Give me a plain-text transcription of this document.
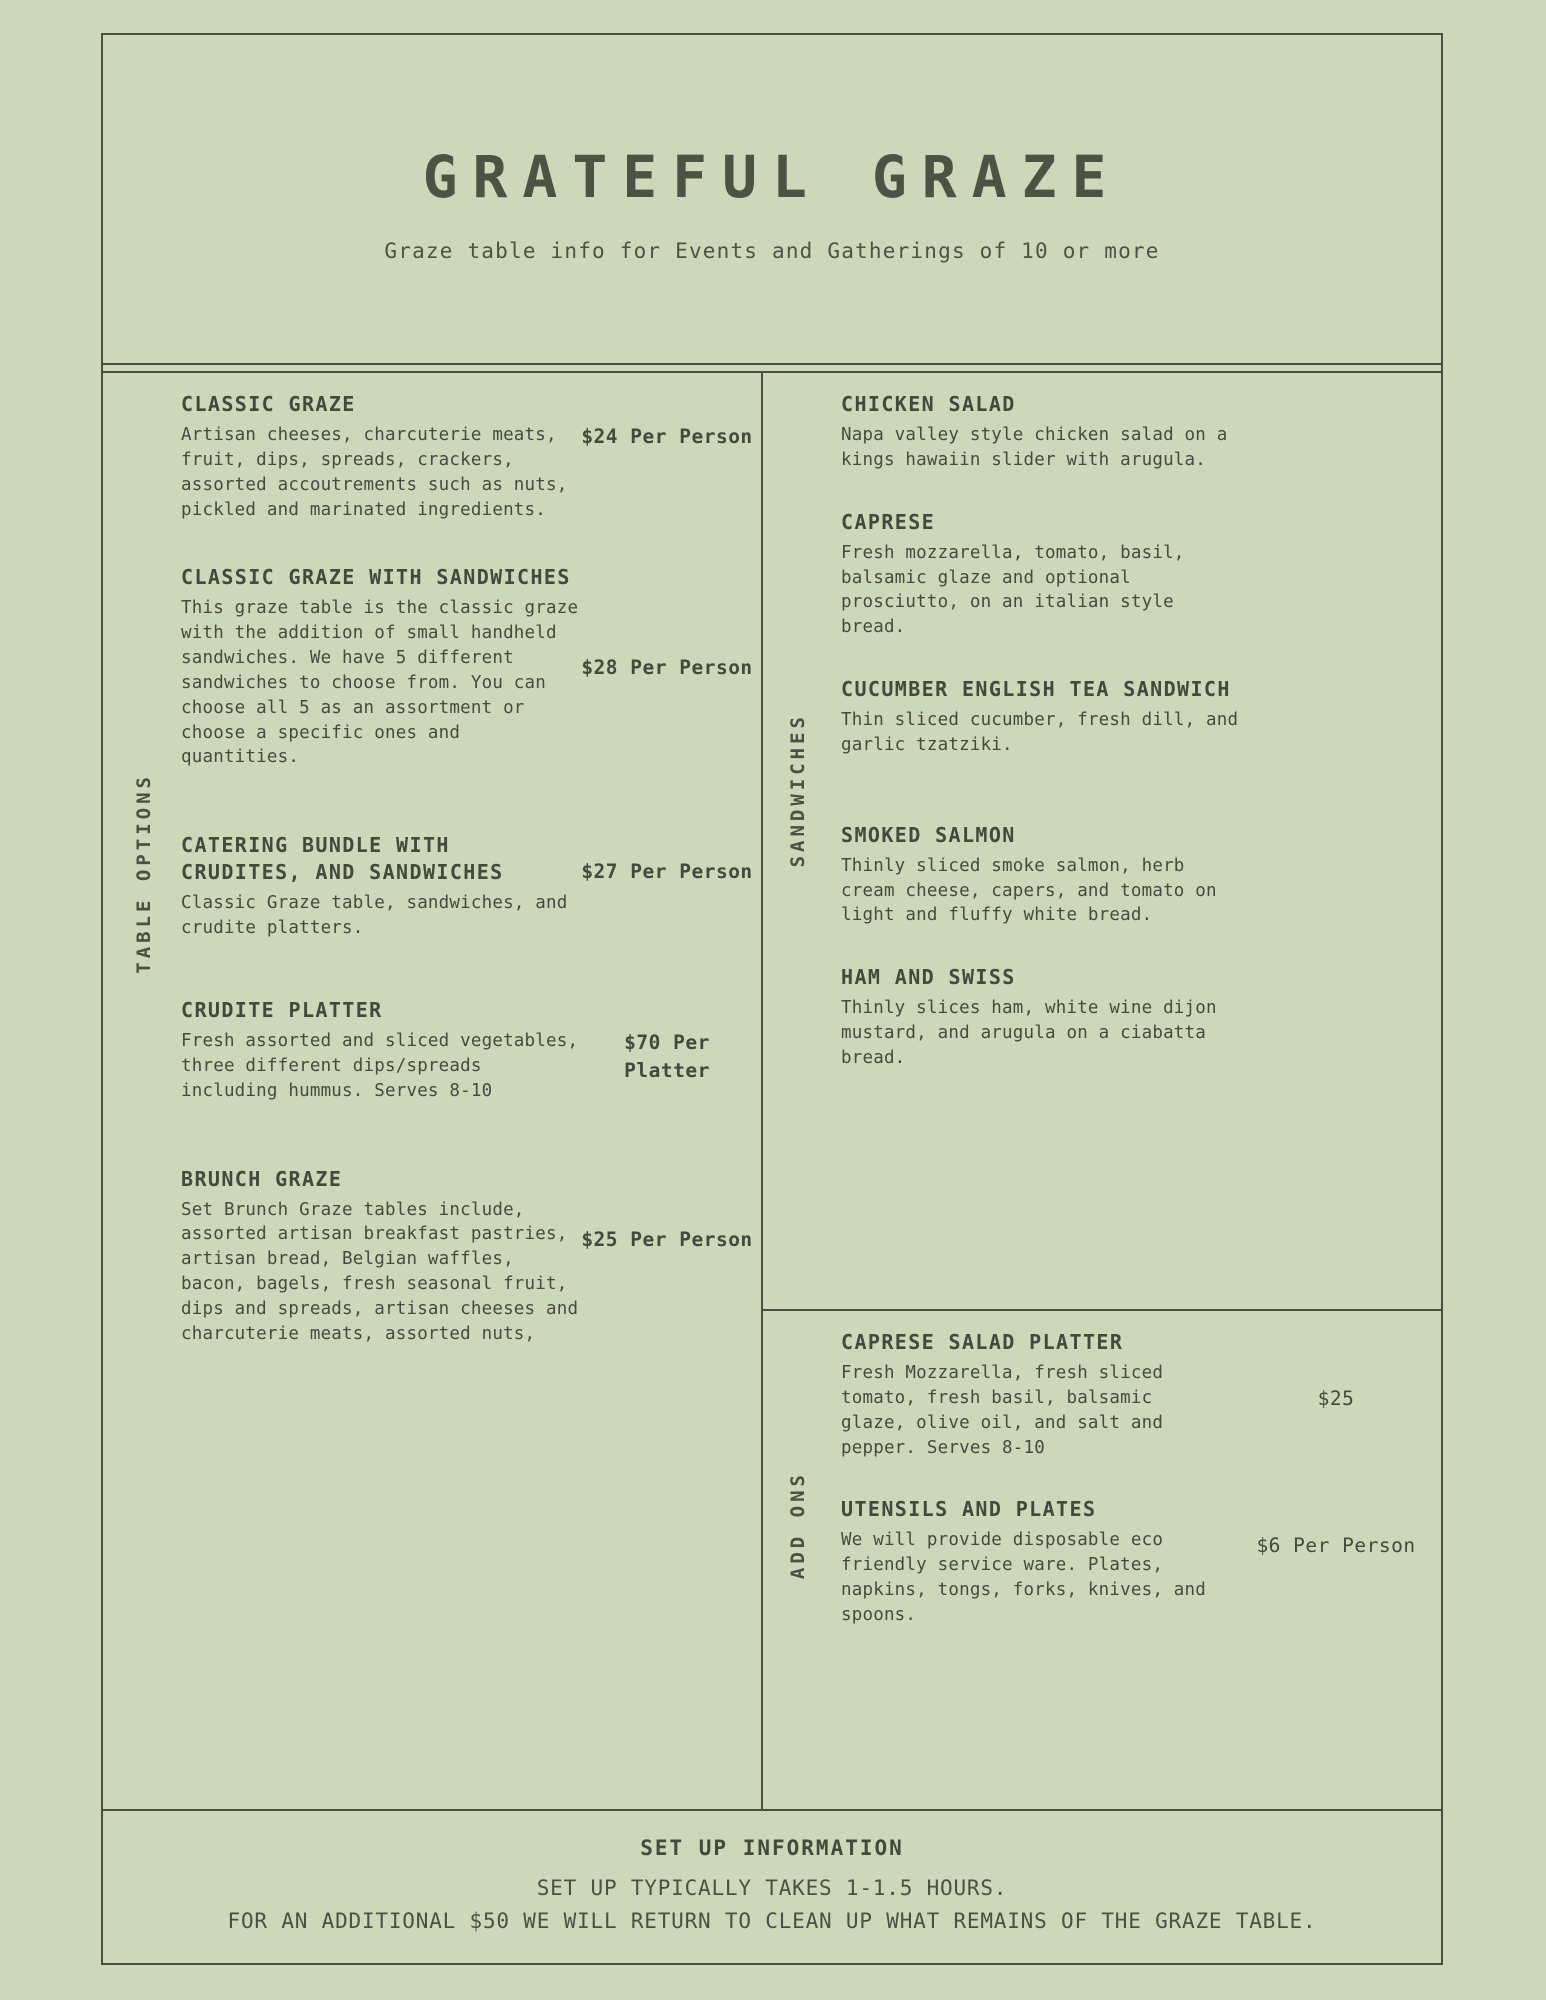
GRATEFUL GRAZE
Graze table info for Events and Gatherings of 10 or more
TABLE OPTIONS
CLASSIC GRAZE
Artisan cheeses, charcuterie meats, fruit, dips, spreads, crackers, assorted accoutrements such as nuts, pickled and marinated ingredients.
$24 Per Person
CLASSIC GRAZE WITH SANDWICHES
This graze table is the classic graze with the addition of small handheld sandwiches. We have 5 different sandwiches to choose from. You can choose all 5 as an assortment or choose a specific ones and quantities.
$28 Per Person
CATERING BUNDLE WITH CRUDITES, AND SANDWICHES
Classic Graze table, sandwiches, and crudite platters.
$27 Per Person
CRUDITE PLATTER
Fresh assorted and sliced vegetables, three different dips/spreads including hummus. Serves 8-10
$70 Per Platter
BRUNCH GRAZE
Set Brunch Graze tables include, assorted artisan breakfast pastries, artisan bread, Belgian waffles, bacon, bagels, fresh seasonal fruit, dips and spreads, artisan cheeses and charcuterie meats, assorted nuts,
$25 Per Person
SANDWICHES
CHICKEN SALAD
Napa valley style chicken salad on a kings hawaiin slider with arugula.
CAPRESE
Fresh mozzarella, tomato, basil, balsamic glaze and optional prosciutto, on an italian style bread.
CUCUMBER ENGLISH TEA SANDWICH
Thin sliced cucumber, fresh dill, and garlic tzatziki.
SMOKED SALMON
Thinly sliced smoke salmon, herb cream cheese, capers, and tomato on light and fluffy white bread.
HAM AND SWISS
Thinly slices ham, white wine dijon mustard, and arugula on a ciabatta bread.
ADD ONS
CAPRESE SALAD PLATTER
Fresh Mozzarella, fresh sliced tomato, fresh basil, balsamic glaze, olive oil, and salt and pepper. Serves 8-10
$25
UTENSILS AND PLATES
We will provide disposable eco friendly service ware. Plates, napkins, tongs, forks, knives, and spoons.
$6 Per Person
SET UP INFORMATION
SET UP TYPICALLY TAKES 1-1.5 HOURS.
FOR AN ADDITIONAL $50 WE WILL RETURN TO CLEAN UP WHAT REMAINS OF THE GRAZE TABLE.
